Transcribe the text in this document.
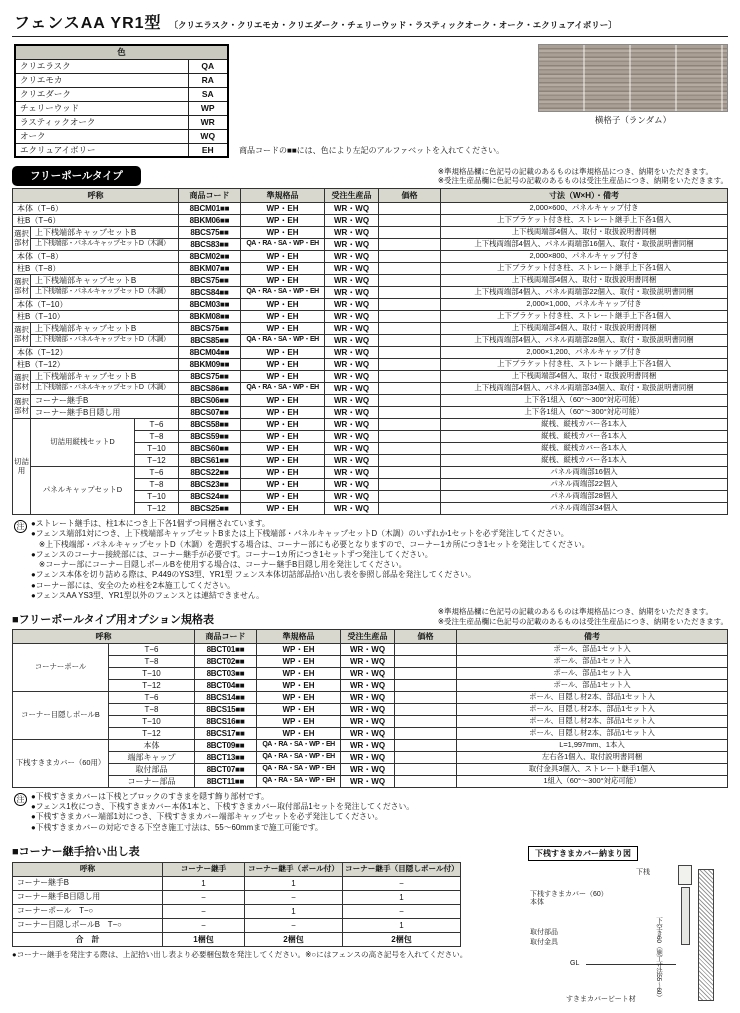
フェンスAA YR1型 〔クリエラスク・クリエモカ・クリエダーク・チェリーウッド・ラスティックオーク・オーク・エクリュアイボリー〕
色	
クリエラスク	QA
クリエモカ	RA
クリエダーク	SA
チェリーウッド	WP
ラスティックオーク	WR
オーク	WQ
エクリュアイボリー	EH	商品コードの■■には、色により左記のアルファベットを入れてください。
横格子（ランダム）
フリーポールタイプ	※準規格品欄に色記号の記載のあるものは準規格品につき、納期をいただきます。
※受注生産品欄に色記号の記載のあるものは受注生産品につき、納期をいただきます。
呼称			商品コード	準規格品	受注生産品	価格	寸法（W×H）・備考
本体（T−6）			8BCM01■■	WP・EH	WR・WQ		2,000×600、パネルキャップ付き
柱B（T−6）			8BKM06■■	WP・EH	WR・WQ		上下ブラケット付き柱、ストレート継手上下各1個入
選択部材	上下桟端部キャップセットB		8BCS75■■	WP・EH	WR・WQ		上下桟両端部4個入、取付・取扱説明書同梱
	上下桟端部・パネルキャップセットD（木調）		8BCS83■■	QA・RA・SA・WP・EH	WR・WQ		上下桟両端部4個入、パネル両端部16個入、取付・取扱説明書同梱
本体（T−8）			8BCM02■■	WP・EH	WR・WQ		2,000×800、パネルキャップ付き
柱B（T−8）			8BKM07■■	WP・EH	WR・WQ		上下ブラケット付き柱、ストレート継手上下各1個入
選択部材	上下桟端部キャップセットB		8BCS75■■	WP・EH	WR・WQ		上下桟両端部4個入、取付・取扱説明書同梱
	上下桟端部・パネルキャップセットD（木調）		8BCS84■■	QA・RA・SA・WP・EH	WR・WQ		上下桟両端部4個入、パネル両端部22個入、取付・取扱説明書同梱
本体（T−10）			8BCM03■■	WP・EH	WR・WQ		2,000×1,000、パネルキャップ付き
柱B（T−10）			8BKM08■■	WP・EH	WR・WQ		上下ブラケット付き柱、ストレート継手上下各1個入
選択部材	上下桟端部キャップセットB		8BCS75■■	WP・EH	WR・WQ		上下桟両端部4個入、取付・取扱説明書同梱
	上下桟端部・パネルキャップセットD（木調）		8BCS85■■	QA・RA・SA・WP・EH	WR・WQ		上下桟両端部4個入、パネル両端部28個入、取付・取扱説明書同梱
本体（T−12）			8BCM04■■	WP・EH	WR・WQ		2,000×1,200、パネルキャップ付き
柱B（T−12）			8BKM09■■	WP・EH	WR・WQ		上下ブラケット付き柱、ストレート継手上下各1個入
選択部材	上下桟端部キャップセットB		8BCS75■■	WP・EH	WR・WQ		上下桟両端部4個入、取付・取扱説明書同梱
	上下桟端部・パネルキャップセットD（木調）		8BCS86■■	QA・RA・SA・WP・EH	WR・WQ		上下桟両端部4個入、パネル両端部34個入、取付・取扱説明書同梱
選択部材	コーナー継手B		8BCS06■■	WP・EH	WR・WQ		上下各1組入（60°〜300°対応可能）
	コーナー継手B目隠し用		8BCS07■■	WP・EH	WR・WQ		上下各1組入（60°〜300°対応可能）
切詰用	切詰用縦桟セットD	T−6	8BCS58■■	WP・EH	WR・WQ		縦桟、縦桟カバー各1本入
		T−8	8BCS59■■	WP・EH	WR・WQ		縦桟、縦桟カバー各1本入
		T−10	8BCS60■■	WP・EH	WR・WQ		縦桟、縦桟カバー各1本入
		T−12	8BCS61■■	WP・EH	WR・WQ		縦桟、縦桟カバー各1本入
	パネルキャップセットD	T−6	8BCS22■■	WP・EH	WR・WQ		パネル両端部16個入
		T−8	8BCS23■■	WP・EH	WR・WQ		パネル両端部22個入
		T−10	8BCS24■■	WP・EH	WR・WQ		パネル両端部28個入
		T−12	8BCS25■■	WP・EH	WR・WQ		パネル両端部34個入
注 ●ストレート継手は、柱1本につき上下各1個ずつ同梱されています。
●フェンス端部1対につき、上下桟端部キャップセットBまたは上下桟端部・パネルキャップセットD（木調）のいずれか1セットを必ず発注してください。
　※上下桟端部・パネルキャップセットD（木調）を選択する場合は、コーナー部にも必要となりますので、コーナー1カ所につき1セットを発注してください。
●フェンスのコーナー接続部には、コーナー継手が必要です。コーナー1カ所につき1セットずつ発注してください。
　※コーナー部にコーナー目隠しポールBを使用する場合は、コーナー継手B目隠し用を発注してください。
●フェンス本体を切り詰める際は、P.449のYS3型、YR1型 フェンス本体切詰部品拾い出し表を参照し部品を発注してください。
●コーナー部には、安全のため柱を2本施工してください。
●フェンスAA YS3型、YR1型以外のフェンスとは連結できません。
■フリーポールタイプ用オプション規格表
※準規格品欄に色記号の記載のあるものは準規格品につき、納期をいただきます。
※受注生産品欄に色記号の記載のあるものは受注生産品につき、納期をいただきます。
呼称		商品コード	準規格品	受注生産品	価格	備考
コーナーポール	T−6	8BCT01■■	WP・EH	WR・WQ		ポール、部品1セット入
	T−8	8BCT02■■	WP・EH	WR・WQ		ポール、部品1セット入
	T−10	8BCT03■■	WP・EH	WR・WQ		ポール、部品1セット入
	T−12	8BCT04■■	WP・EH	WR・WQ		ポール、部品1セット入
コーナー目隠しポールB	T−6	8BCS14■■	WP・EH	WR・WQ		ポール、目隠し材2本、部品1セット入
	T−8	8BCS15■■	WP・EH	WR・WQ		ポール、目隠し材2本、部品1セット入
	T−10	8BCS16■■	WP・EH	WR・WQ		ポール、目隠し材2本、部品1セット入
	T−12	8BCS17■■	WP・EH	WR・WQ		ポール、目隠し材2本、部品1セット入
下桟すきまカバー（60用）	本体	8BCT09■■	QA・RA・SA・WP・EH	WR・WQ		L=1,997mm、1本入
	端部キャップ	8BCT13■■	QA・RA・SA・WP・EH	WR・WQ		左右各1個入、取付説明書同梱
	取付部品	8BCT07■■	QA・RA・SA・WP・EH	WR・WQ		取付金具3個入、ストレート継手1個入
	コーナー部品	8BCT11■■	QA・RA・SA・WP・EH	WR・WQ		1組入（60°〜300°対応可能）
注 ●下桟すきまカバーは下桟とブロックのすきまを隠す飾り部材です。
●フェンス1枚につき、下桟すきまカバー本体1本と、下桟すきまカバー取付部品1セットを発注してください。
●下桟すきまカバー端部1対につき、下桟すきまカバー端部キャップセットを必ず発注してください。
●下桟すきまカバーの対応できる下空き施工寸法は、55〜60mmまで施工可能です。
■コーナー継手拾い出し表
呼称	コーナー継手	コーナー継手（ポール付）	コーナー継手（目隠しポール付）
コーナー継手B	1	1	−
コーナー継手B目隠し用	−	−	1
コーナーポール　T−○	−	1	−
コーナー目隠しポールB　T−○	−	−	1
合　計	1梱包	2梱包	2梱包
●コーナー継手を発注する際は、上記拾い出し表より必要梱包数を発注してください。※○にはフェンスの高さ記号を入れてください。
下桟すきまカバー納まり図
下桟
下桟すきまカバー（60）本体
取付部品
取付金具
GL
すきまカバービート材	下空き60（施工寸法55〜60）
